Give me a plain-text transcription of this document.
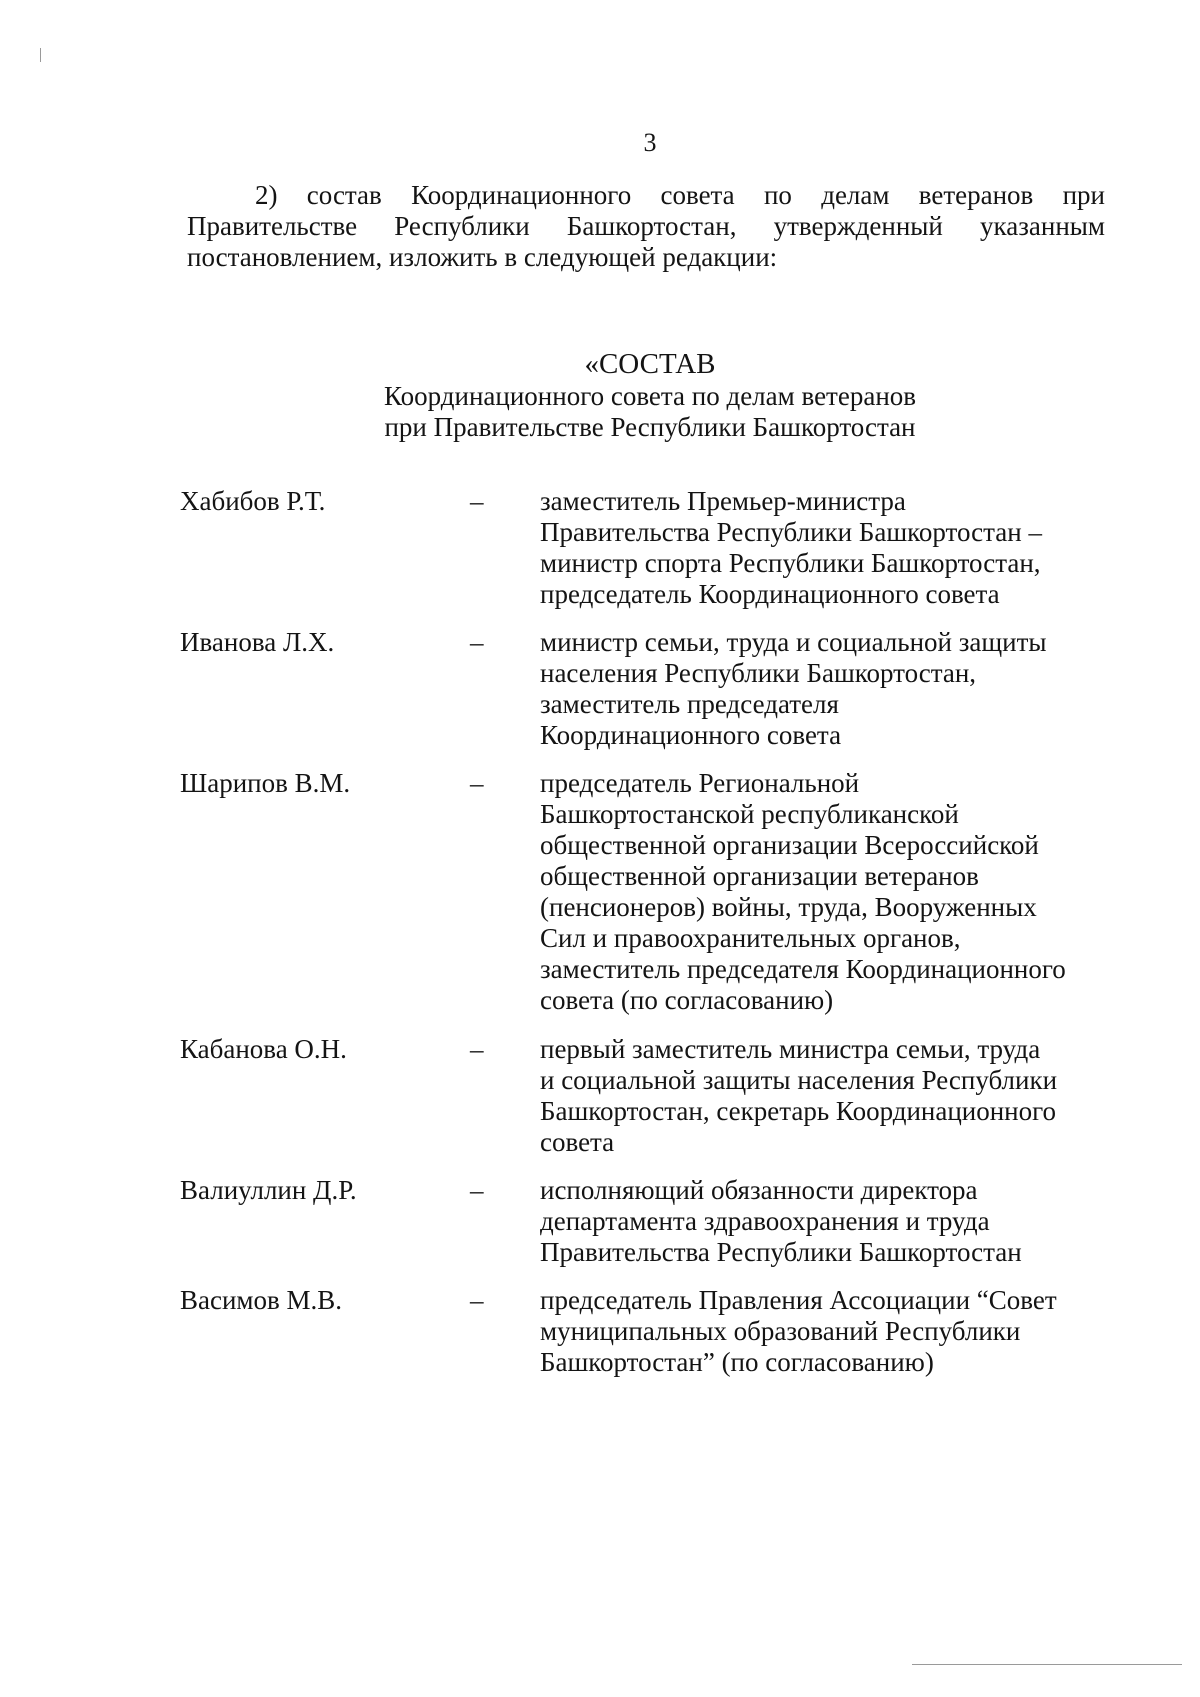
3

2) состав Координационного совета по делам ветеранов при Правительстве Республики Башкортостан, утвержденный указанным постановлением, изложить в следующей редакции:

«СОСТАВ
Координационного совета по делам ветеранов
при Правительстве Республики Башкортостан
Хабибов Р.Т.	–	заместитель Премьер-министра
Правительства Республики Башкортостан –
министр спорта Республики Башкортостан,
председатель Координационного совета
Иванова Л.Х.	–	министр семьи, труда и социальной защиты
населения Республики Башкортостан,
заместитель председателя
Координационного совета
Шарипов В.М.	–	председатель Региональной
Башкортостанской республиканской
общественной организации Всероссийской
общественной организации ветеранов
(пенсионеров) войны, труда, Вооруженных
Сил и правоохранительных органов,
заместитель председателя Координационного
совета (по согласованию)
Кабанова О.Н.	–	первый заместитель министра семьи, труда
и социальной защиты населения Республики
Башкортостан, секретарь Координационного
совета
Валиуллин Д.Р.	–	исполняющий обязанности директора
департамента здравоохранения и труда
Правительства Республики Башкортостан
Васимов М.В.	–	председатель Правления Ассоциации “Совет
муниципальных образований Республики
Башкортостан” (по согласованию)
